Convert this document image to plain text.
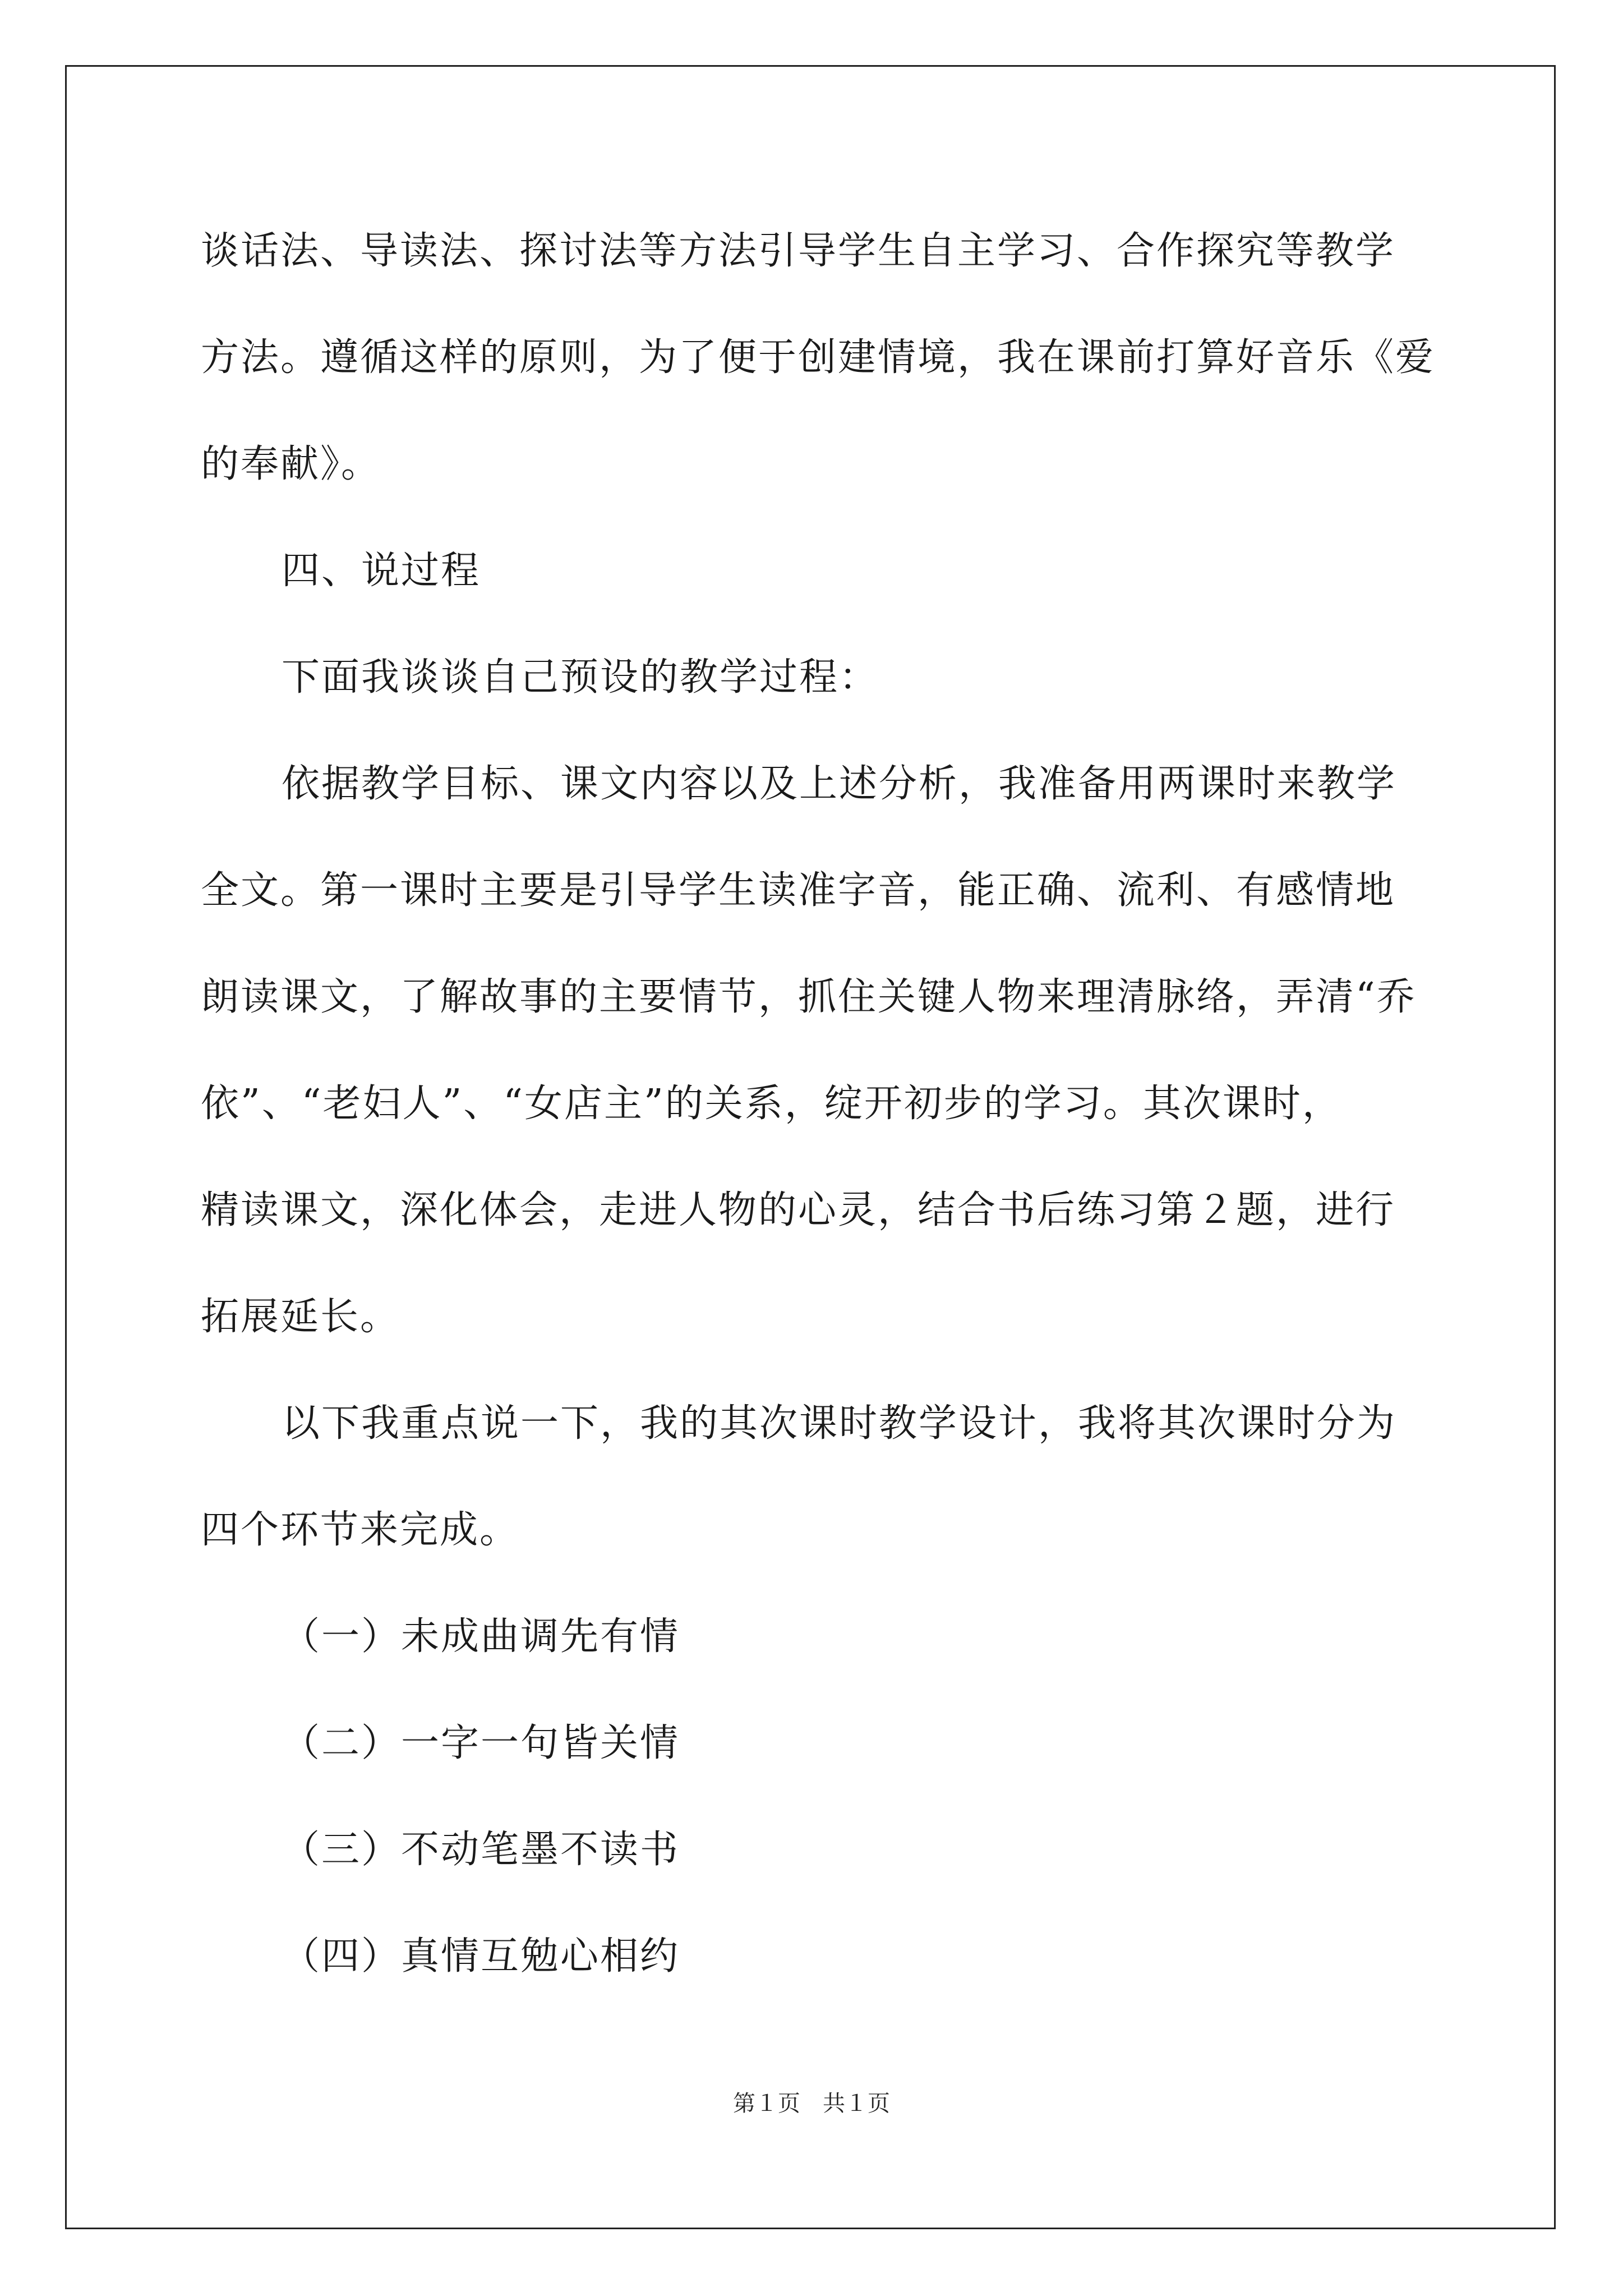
谈话法、导读法、探讨法等方法引导学生自主学习、合作探究等教学
方法。遵循这样的原则，为了便于创建情境，我在课前打算好音乐《爱
的奉献》。
四、说过程
下面我谈谈自己预设的教学过程：
依据教学目标、课文内容以及上述分析，我准备用两课时来教学
全文。第一课时主要是引导学生读准字音，能正确、流利、有感情地
朗读课文，了解故事的主要情节，抓住关键人物来理清脉络，弄清“乔
依”、“老妇人”、“女店主”的关系，绽开初步的学习。其次课时，
精读课文，深化体会，走进人物的心灵，结合书后练习第２题，进行
拓展延长。
以下我重点说一下，我的其次课时教学设计，我将其次课时分为
四个环节来完成。
（一）未成曲调先有情
（二）一字一句皆关情
（三）不动笔墨不读书
（四）真情互勉心相约
第１页　共１页
